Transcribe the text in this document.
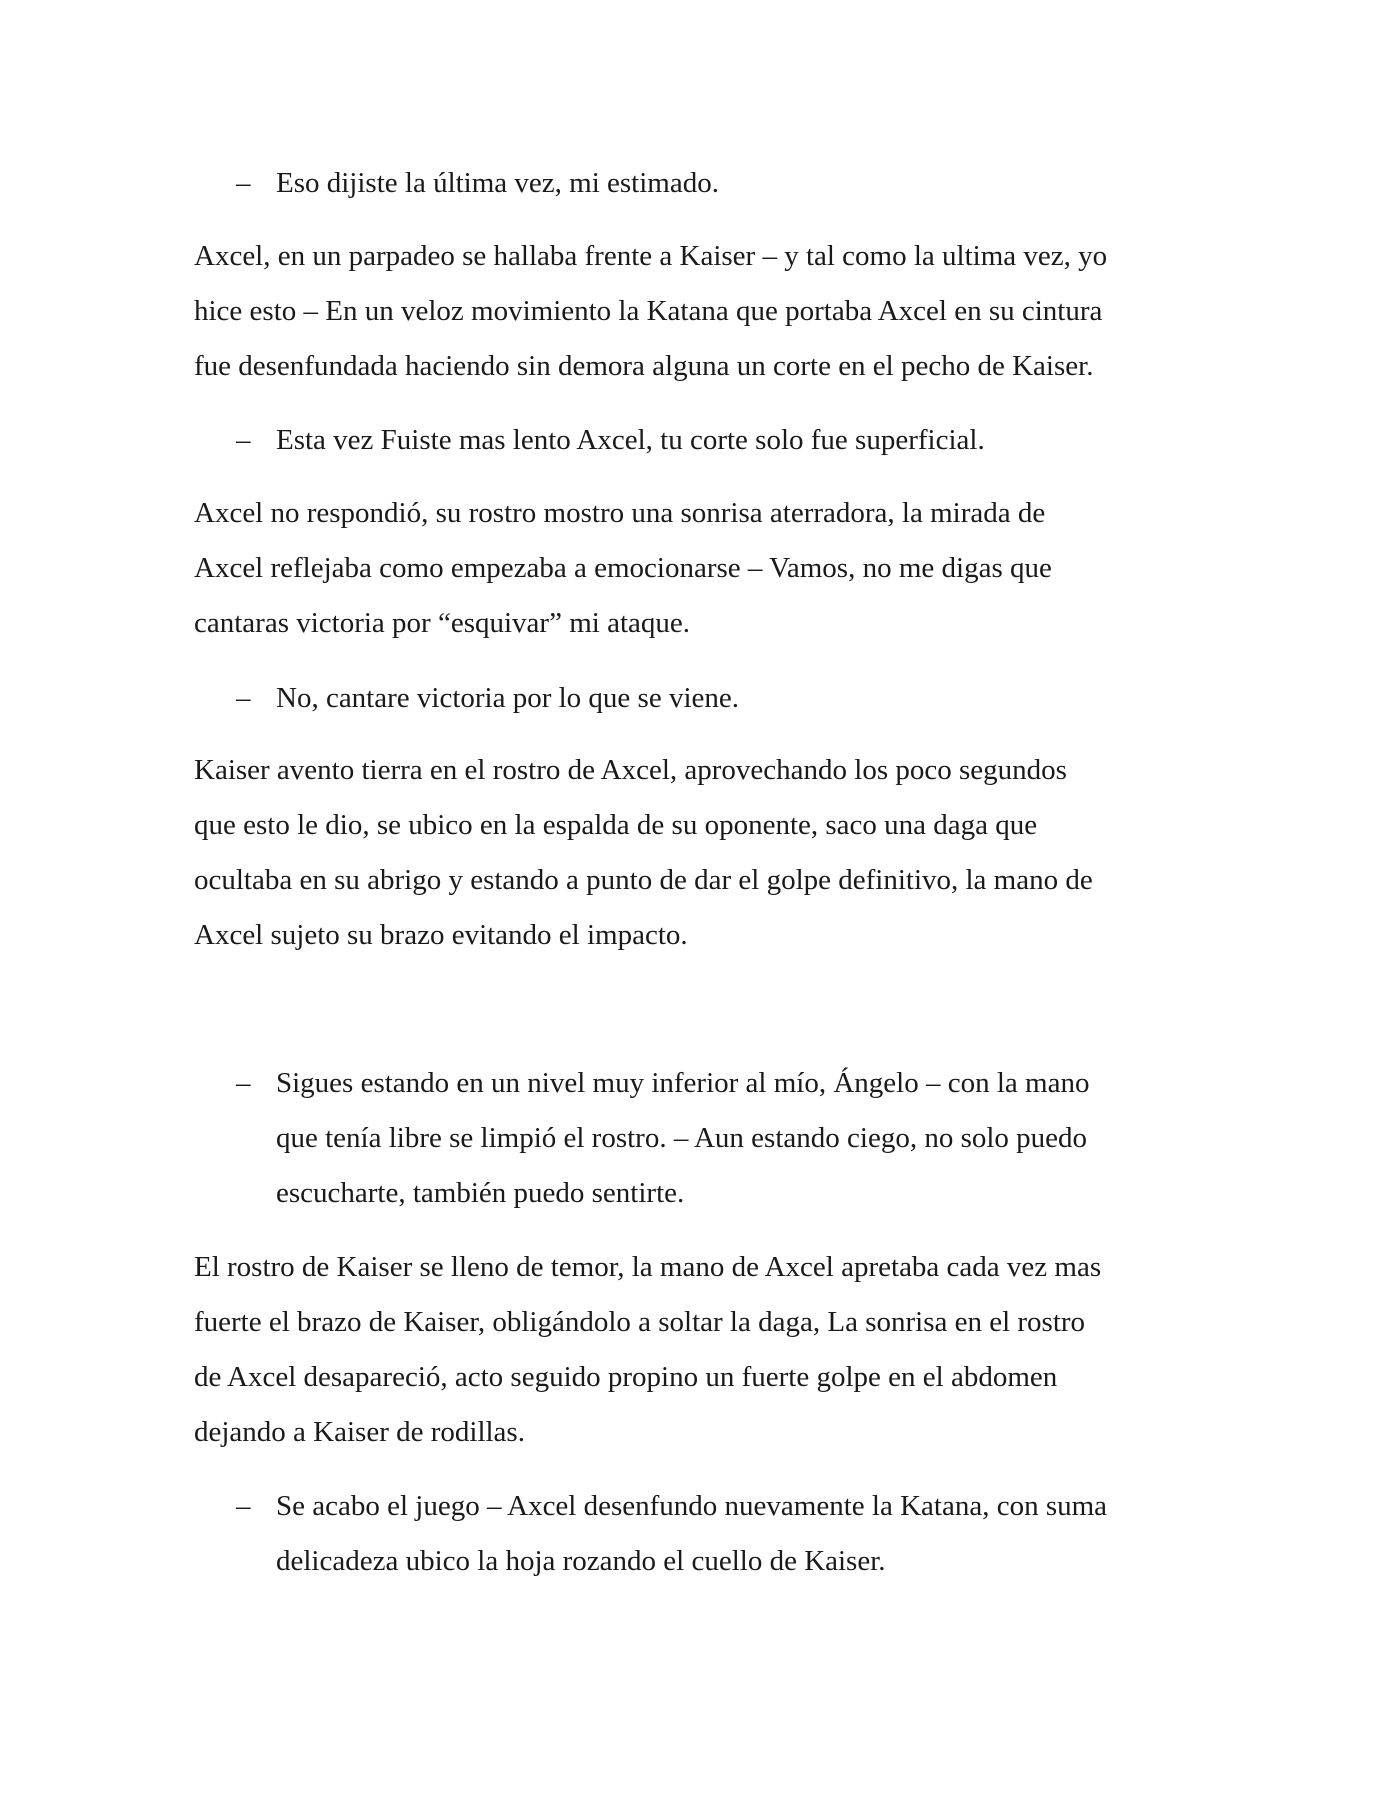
– Eso dijiste la última vez, mi estimado.
Axcel, en un parpadeo se hallaba frente a Kaiser – y tal como la ultima vez, yo
hice esto – En un veloz movimiento la Katana que portaba Axcel en su cintura
fue desenfundada haciendo sin demora alguna un corte en el pecho de Kaiser.
– Esta vez Fuiste mas lento Axcel, tu corte solo fue superficial.
Axcel no respondió, su rostro mostro una sonrisa aterradora, la mirada de
Axcel reflejaba como empezaba a emocionarse – Vamos, no me digas que
cantaras victoria por “esquivar” mi ataque.
– No, cantare victoria por lo que se viene.
Kaiser avento tierra en el rostro de Axcel, aprovechando los poco segundos
que esto le dio, se ubico en la espalda de su oponente, saco una daga que
ocultaba en su abrigo y estando a punto de dar el golpe definitivo, la mano de
Axcel sujeto su brazo evitando el impacto.
– Sigues estando en un nivel muy inferior al mío, Ángelo – con la mano
que tenía libre se limpió el rostro. – Aun estando ciego, no solo puedo
escucharte, también puedo sentirte.
El rostro de Kaiser se lleno de temor, la mano de Axcel apretaba cada vez mas
fuerte el brazo de Kaiser, obligándolo a soltar la daga, La sonrisa en el rostro
de Axcel desapareció, acto seguido propino un fuerte golpe en el abdomen
dejando a Kaiser de rodillas.
– Se acabo el juego – Axcel desenfundo nuevamente la Katana, con suma
delicadeza ubico la hoja rozando el cuello de Kaiser.
